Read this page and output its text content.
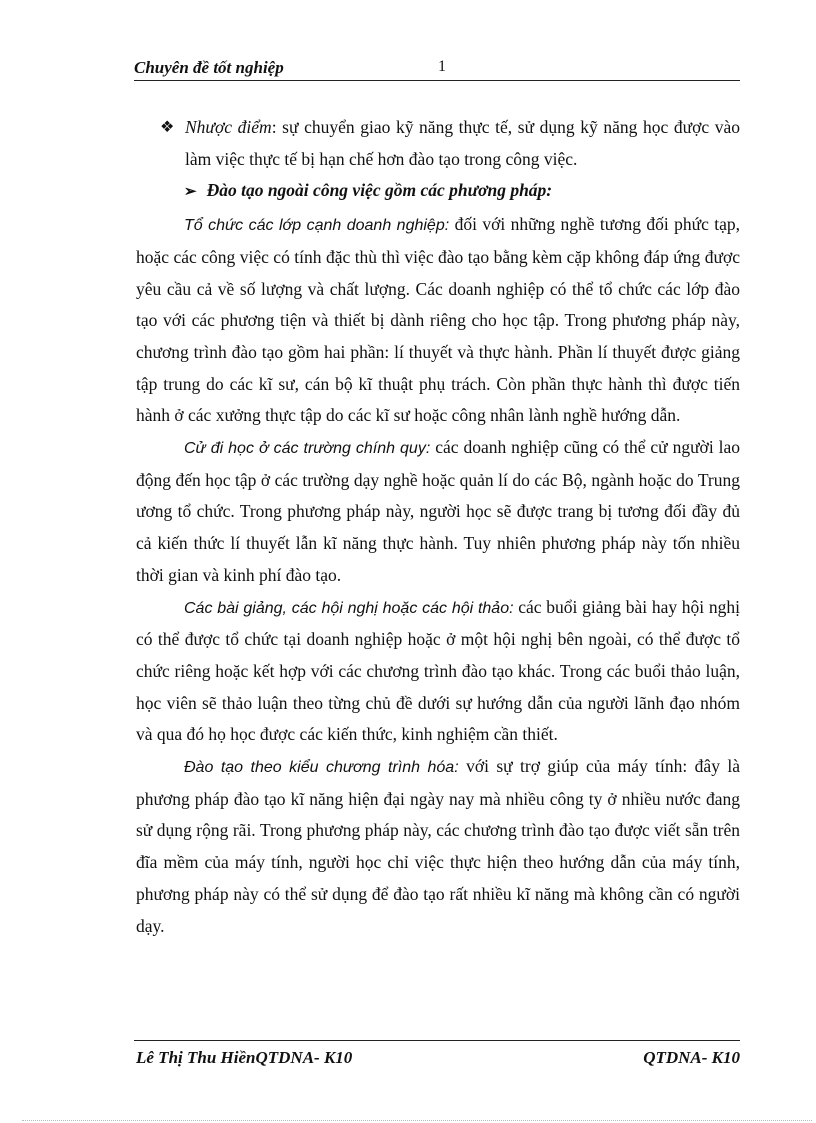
Chuyên đề tốt nghiệp	1

❖ Nhược điểm: sự chuyển giao kỹ năng thực tế, sử dụng kỹ năng học được vào làm việc thực tế bị hạn chế hơn đào tạo trong công việc.

➢ Đào tạo ngoài công việc gồm các phương pháp:

Tổ chức các lớp cạnh doanh nghiệp: đối với những nghề tương đối phức tạp, hoặc các công việc có tính đặc thù thì việc đào tạo bằng kèm cặp không đáp ứng được yêu cầu cả về số lượng và chất lượng. Các doanh nghiệp có thể tổ chức các lớp đào tạo với các phương tiện và thiết bị dành riêng cho học tập. Trong phương pháp này, chương trình đào tạo gồm hai phần: lí thuyết và thực hành. Phần lí thuyết được giảng tập trung do các kĩ sư, cán bộ kĩ thuật phụ trách. Còn phần thực hành thì được tiến hành ở các xưởng thực tập do các kĩ sư hoặc công nhân lành nghề hướng dẫn.

Cử đi học ở các trường chính quy: các doanh nghiệp cũng có thể cử người lao động đến học tập ở các trường dạy nghề hoặc quản lí do các Bộ, ngành hoặc do Trung ương tổ chức. Trong phương pháp này, người học sẽ được trang bị tương đối đầy đủ cả kiến thức lí thuyết lẫn kĩ năng thực hành. Tuy nhiên phương pháp này tốn nhiều thời gian và kinh phí đào tạo.

Các bài giảng, các hội nghị hoặc các hội thảo: các buổi giảng bài hay hội nghị có thể được tổ chức tại doanh nghiệp hoặc ở một hội nghị bên ngoài, có thể được tổ chức riêng hoặc kết hợp với các chương trình đào tạo khác. Trong các buổi thảo luận, học viên sẽ thảo luận theo từng chủ đề dưới sự hướng dẫn của người lãnh đạo nhóm và qua đó họ học được các kiến thức, kinh nghiệm cần thiết.

Đào tạo theo kiểu chương trình hóa: với sự trợ giúp của máy tính: đây là phương pháp đào tạo kĩ năng hiện đại ngày nay mà nhiều công ty ở nhiều nước đang sử dụng rộng rãi. Trong phương pháp này, các chương trình đào tạo được viết sẵn trên đĩa mềm của máy tính, người học chỉ việc thực hiện theo hướng dẫn của máy tính, phương pháp này có thể sử dụng để đào tạo rất nhiều kĩ năng mà không cần có người dạy.

Lê Thị Thu HiềnQTDNA- K10	QTDNA- K10
